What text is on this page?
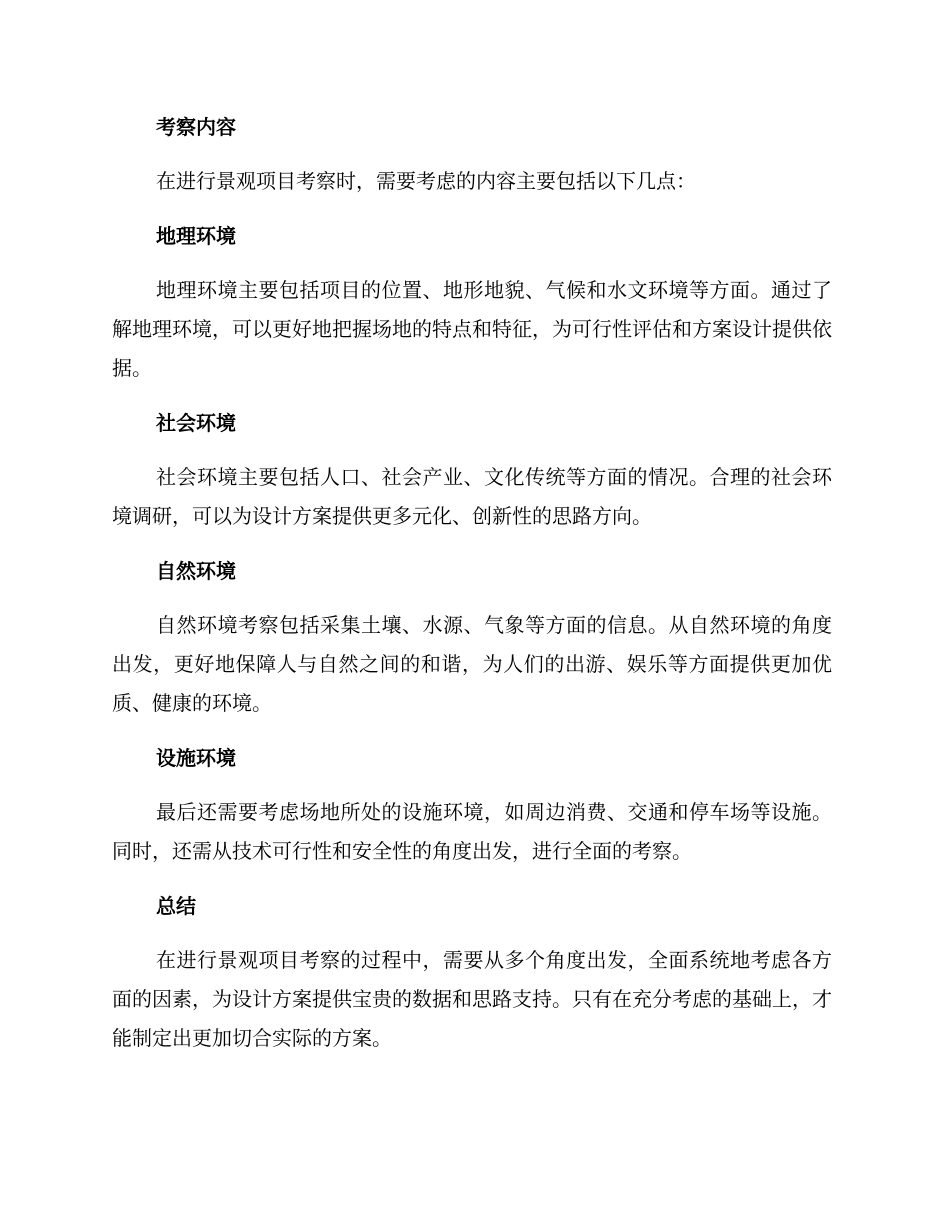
考察内容

在进行景观项目考察时，需要考虑的内容主要包括以下几点：

地理环境

地理环境主要包括项目的位置、地形地貌、气候和水文环境等方面。通过了解地理环境，可以更好地把握场地的特点和特征，为可行性评估和方案设计提供依据。

社会环境

社会环境主要包括人口、社会产业、文化传统等方面的情况。合理的社会环境调研，可以为设计方案提供更多元化、创新性的思路方向。

自然环境

自然环境考察包括采集土壤、水源、气象等方面的信息。从自然环境的角度出发，更好地保障人与自然之间的和谐，为人们的出游、娱乐等方面提供更加优质、健康的环境。

设施环境

最后还需要考虑场地所处的设施环境，如周边消费、交通和停车场等设施。同时，还需从技术可行性和安全性的角度出发，进行全面的考察。

总结

在进行景观项目考察的过程中，需要从多个角度出发，全面系统地考虑各方面的因素，为设计方案提供宝贵的数据和思路支持。只有在充分考虑的基础上，才能制定出更加切合实际的方案。
